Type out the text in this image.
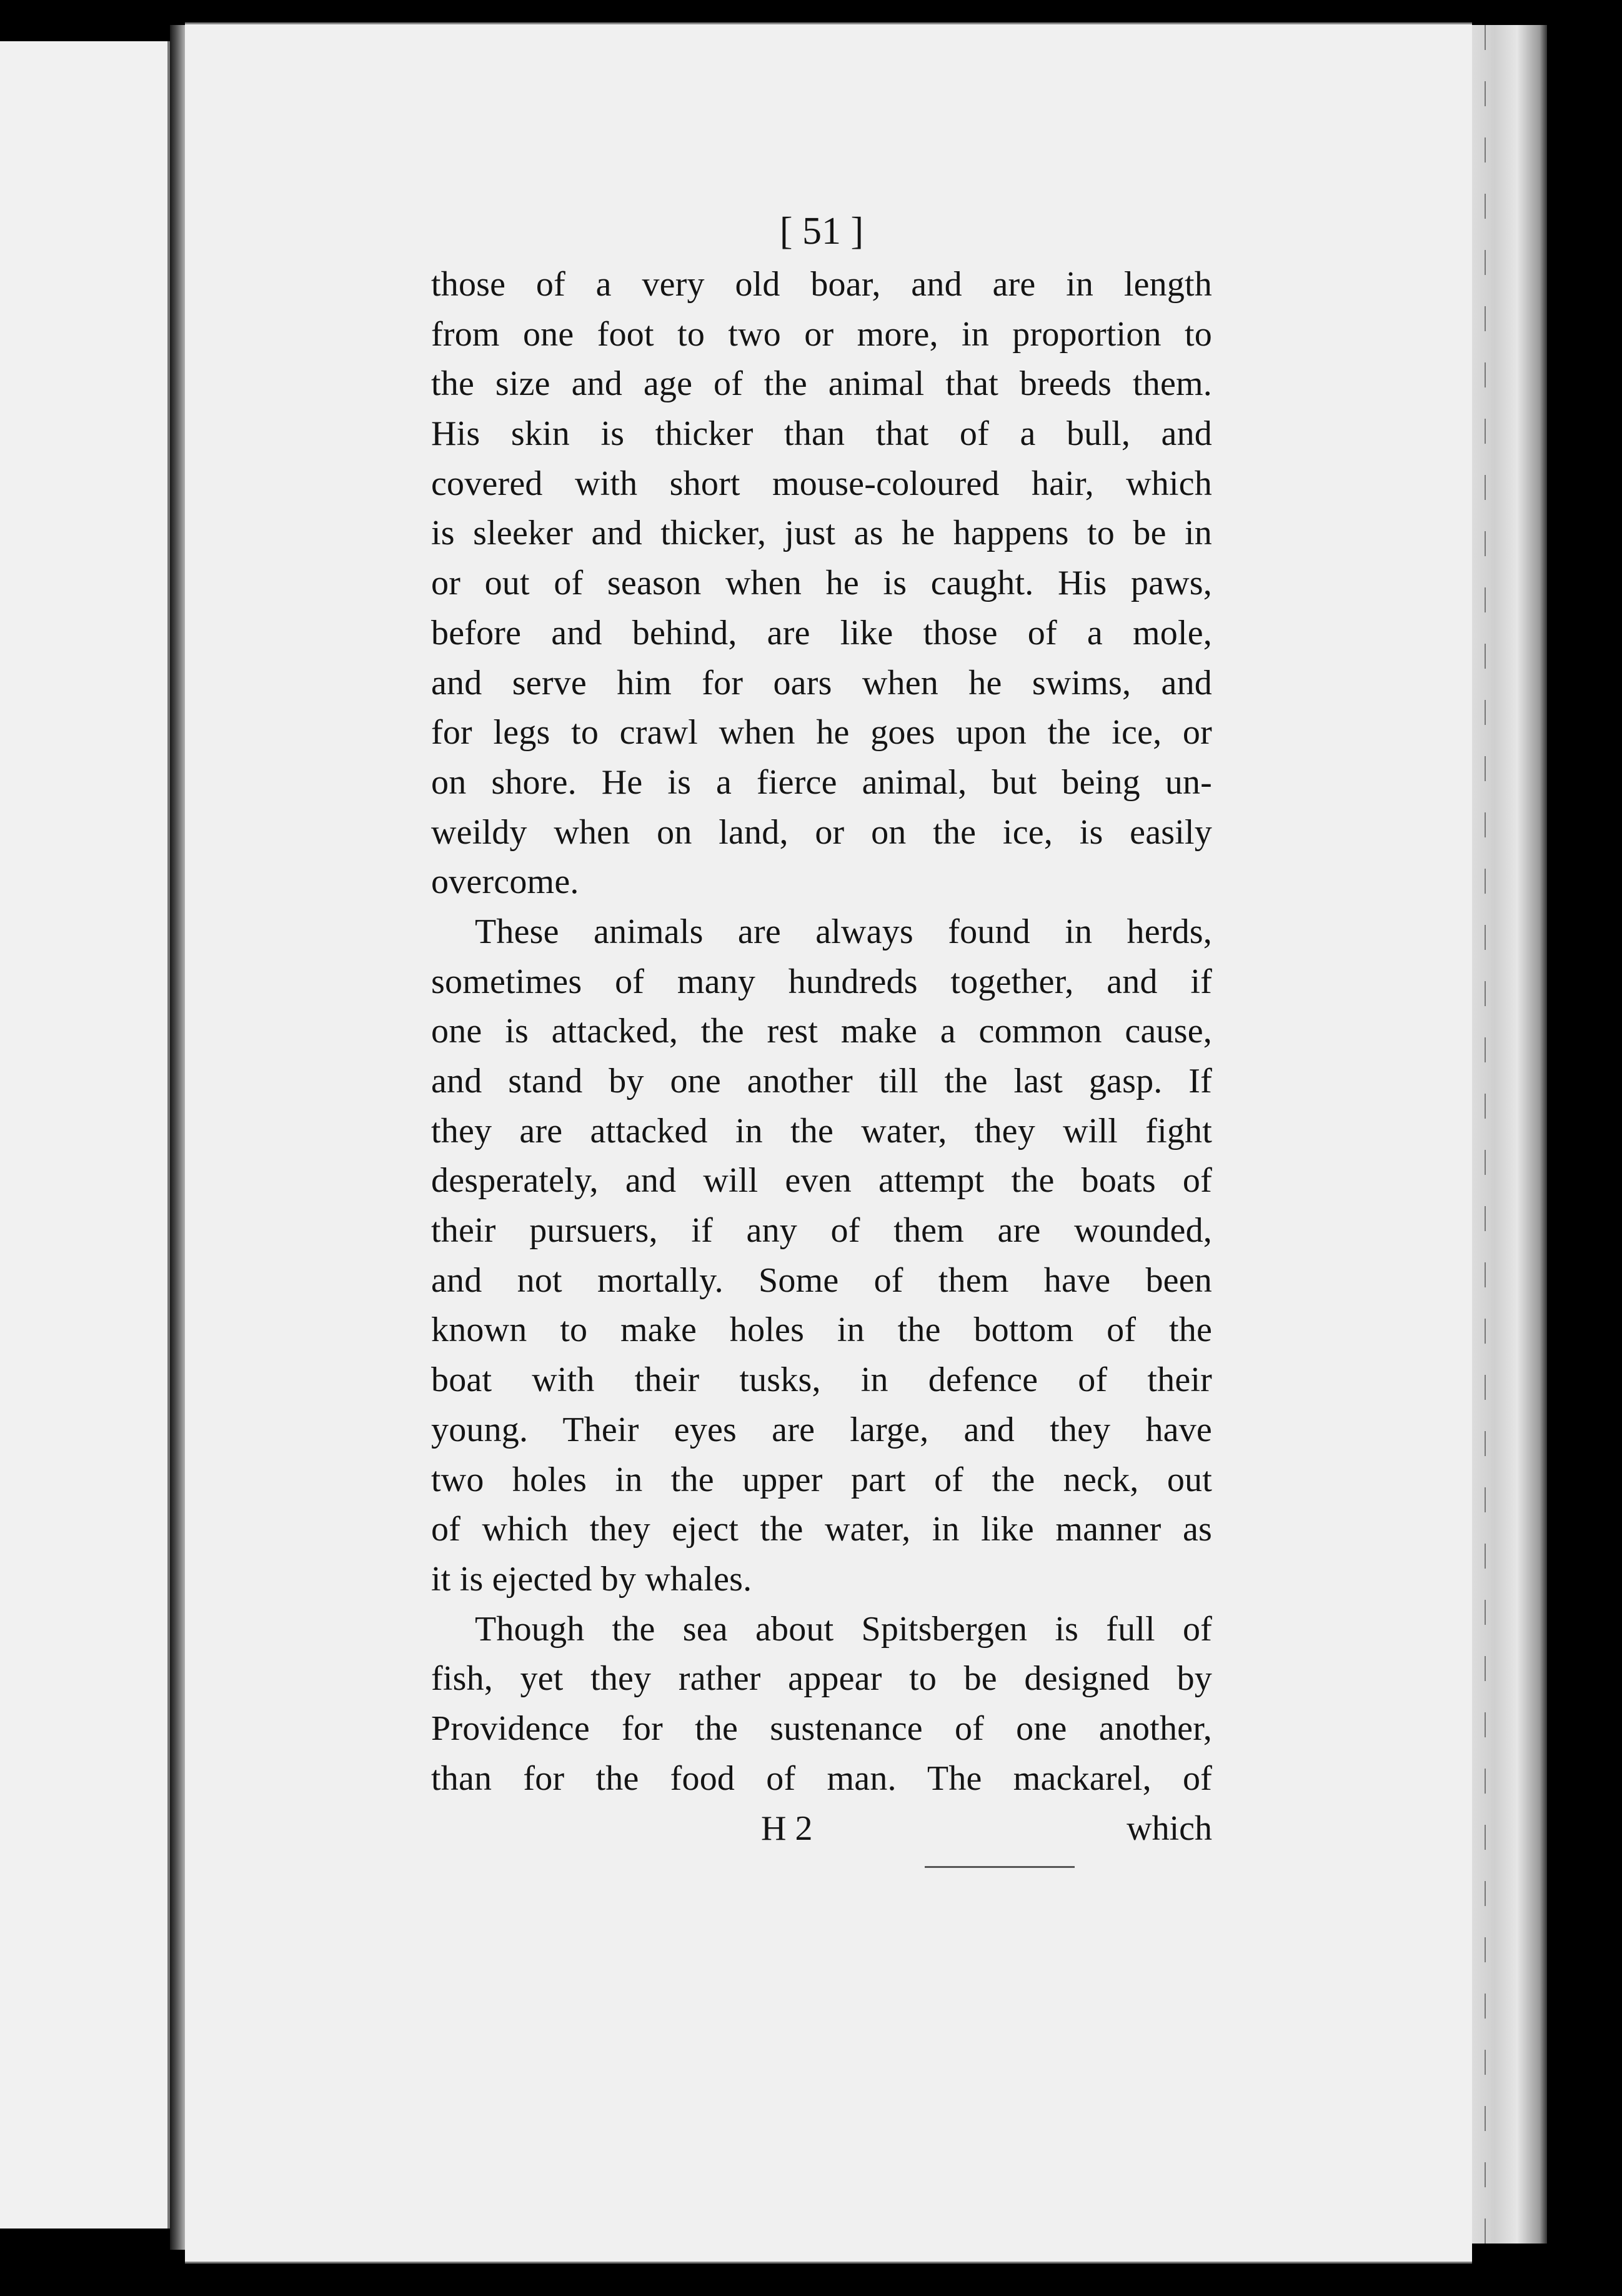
[ 51 ]
those of a very old boar, and are in length
from one foot to two or more, in proportion to
the size and age of the animal that breeds them.
His skin is thicker than that of a bull, and
covered with short mouse-coloured hair, which
is sleeker and thicker, just as he happens to be in
or out of season when he is caught. His paws,
before and behind, are like those of a mole,
and serve him for oars when he swims, and
for legs to crawl when he goes upon the ice, or
on shore. He is a fierce animal, but being un-
weildy when on land, or on the ice, is easily
overcome.
These animals are always found in herds,
sometimes of many hundreds together, and if
one is attacked, the rest make a common cause,
and stand by one another till the last gasp. If
they are attacked in the water, they will fight
desperately, and will even attempt the boats of
their pursuers, if any of them are wounded,
and not mortally. Some of them have been
known to make holes in the bottom of the
boat with their tusks, in defence of their
young. Their eyes are large, and they have
two holes in the upper part of the neck, out
of which they eject the water, in like manner as
it is ejected by whales.
Though the sea about Spitsbergen is full of
fish, yet they rather appear to be designed by
Providence for the sustenance of one another,
than for the food of man. The mackarel, of
H 2	which
